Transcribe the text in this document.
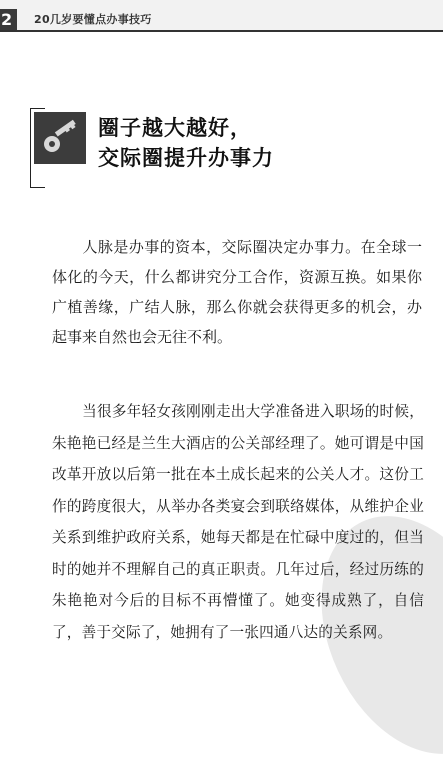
2	20几岁要懂点办事技巧
圈子越大越好，
交际圈提升办事力

人脉是办事的资本，交际圈决定办事力。在全球一体化的今天，什么都讲究分工合作，资源互换。如果你广植善缘，广结人脉，那么你就会获得更多的机会，办起事来自然也会无往不利。

当很多年轻女孩刚刚走出大学准备进入职场的时候，朱艳艳已经是兰生大酒店的公关部经理了。她可谓是中国改革开放以后第一批在本土成长起来的公关人才。这份工作的跨度很大，从举办各类宴会到联络媒体，从维护企业关系到维护政府关系，她每天都是在忙碌中度过的，但当时的她并不理解自己的真正职责。几年过后，经过历练的朱艳艳对今后的目标不再懵懂了。她变得成熟了，自信了，善于交际了，她拥有了一张四通八达的关系网。
